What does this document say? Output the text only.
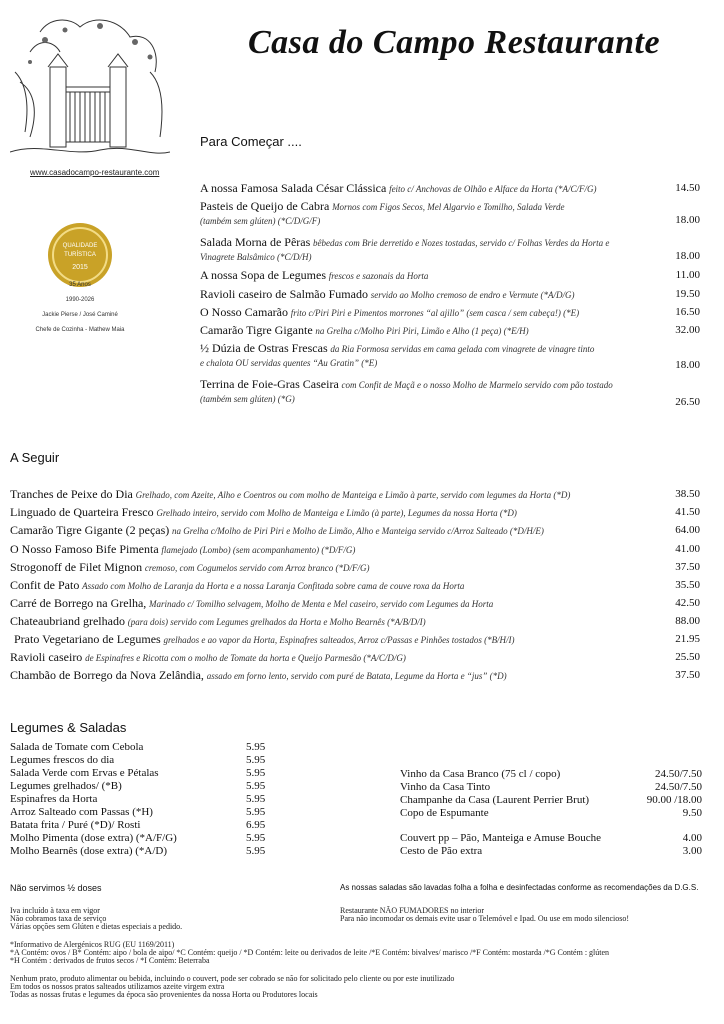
Casa do Campo Restaurante
www.casadocampo-restaurante.com
QUALIDADE
TURÍSTICA
2015
35 Anos
1990-2026
Jackie Pierse / José Caminé
Chefe de Cozinha - Mathew Maia
Para Começar ....
A nossa Famosa Salada César Clássica feito c/ Anchovas de Olhão e Alface da Horta (*A/C/F/G)	14.50
Pasteis de Queijo de Cabra Mornos com Figos Secos, Mel Algarvio e Tomilho, Salada Verde
(também sem glúten) (*C/D/G/F)	18.00
Salada Morna de Pêras bêbedas com Brie derretido e Nozes tostadas, servido c/ Folhas Verdes da Horta e
Vinagrete Balsâmico (*C/D/H)	18.00
A nossa Sopa de Legumes frescos e sazonais da Horta	11.00
Ravioli caseiro de Salmão Fumado servido ao Molho cremoso de endro e Vermute (*A/D/G)	19.50
O Nosso Camarão frito c/Piri Piri e Pimentos morrones “al ajillo” (sem casca / sem cabeça!) (*E)	16.50
Camarão Tigre Gigante na Grelha c/Molho Piri Piri, Limão e Alho (1 peça) (*E/H)	32.00
½ Dúzia de Ostras Frescas da Ria Formosa servidas em cama gelada com vinagrete de vinagre tinto
e chalota OU servidas quentes “Au Gratin” (*E)	18.00
Terrina de Foie-Gras Caseira com Confit de Maçã e o nosso Molho de Marmelo servido com pão tostado
(também sem glúten) (*G)	26.50
A Seguir
Tranches de Peixe do Dia Grelhado, com Azeite, Alho e Coentros ou com molho de Manteiga e Limão à parte, servido com legumes da Horta (*D)	38.50
Linguado de Quarteira Fresco Grelhado inteiro, servido com Molho de Manteiga e Limão (à parte), Legumes da nossa Horta (*D)	41.50
Camarão Tigre Gigante (2 peças) na Grelha c/Molho de Piri Piri e Molho de Limão, Alho e Manteiga servido c/Arroz Salteado (*D/H/E)	64.00
O Nosso Famoso Bife Pimenta flamejado (Lombo) (sem acompanhamento) (*D/F/G)	41.00
Strogonoff de Filet Mignon cremoso, com Cogumelos servido com Arroz branco (*D/F/G)	37.50
Confit de Pato Assado com Molho de Laranja da Horta e a nossa Laranja Confitada sobre cama de couve roxa da Horta	35.50
Carré de Borrego na Grelha, Marinado c/ Tomilho selvagem, Molho de Menta e Mel caseiro, servido com Legumes da Horta	42.50
Chateaubriand grelhado (para dois) servido com Legumes grelhados da Horta e Molho Bearnês (*A/B/D/I)	88.00
Prato Vegetariano de Legumes grelhados e ao vapor da Horta, Espinafres salteados, Arroz c/Passas e Pinhões tostados (*B/H/I)	21.95
Ravioli caseiro de Espinafres e Ricotta com o molho de Tomate da horta e Queijo Parmesão (*A/C/D/G)	25.50
Chambão de Borrego da Nova Zelândia, assado em forno lento, servido com puré de Batata, Legume da Horta e “jus” (*D)	37.50
Legumes & Saladas
Salada de Tomate com Cebola	5.95
Legumes frescos do dia	5.95
Salada Verde com Ervas e Pétalas	5.95
Legumes grelhados/ (*B)	5.95
Espinafres da Horta	5.95
Arroz Salteado com Passas (*H)	5.95
Batata frita / Puré (*D)/ Rosti	6.95
Molho Pimenta (dose extra) (*A/F/G)	5.95
Molho Bearnês (dose extra) (*A/D)	5.95
Vinho da Casa Branco (75 cl / copo)	24.50/7.50
Vinho da Casa Tinto	24.50/7.50
Champanhe da Casa (Laurent Perrier Brut)	90.00 /18.00
Copo de Espumante	9.50
Couvert pp – Pão, Manteiga e Amuse Bouche	4.00
Cesto de Pão extra	3.00
Não servimos ½ doses	As nossas saladas são lavadas folha a folha e desinfectadas conforme as recomendações da D.G.S.
Iva incluído à taxa em vigor
Não cobramos taxa de serviço
Várias opções sem Glúten e dietas especiais a pedido.
Restaurante NÃO FUMADORES no interior
Para não incomodar os demais evite usar o Telemóvel e Ipad. Ou use em modo silencioso!
*Informativo de Alergénicos RUG (EU 1169/2011)
*A Contém: ovos / B* Contém: aipo / bola de aipo/ *C Contém: queijo / *D Contém: leite ou derivados de leite /*E Contém: bivalves/ marisco /*F Contém: mostarda /*G Contém : glúten
*H Contém : derivados de frutos secos / *I Contém: Beterraba
Nenhum prato, produto alimentar ou bebida, incluindo o couvert, pode ser cobrado se não for solicitado pelo cliente ou por este inutilizado
Em todos os nossos pratos salteados utilizamos azeite virgem extra
Todas as nossas frutas e legumes da época são provenientes da nossa Horta ou Produtores locais
